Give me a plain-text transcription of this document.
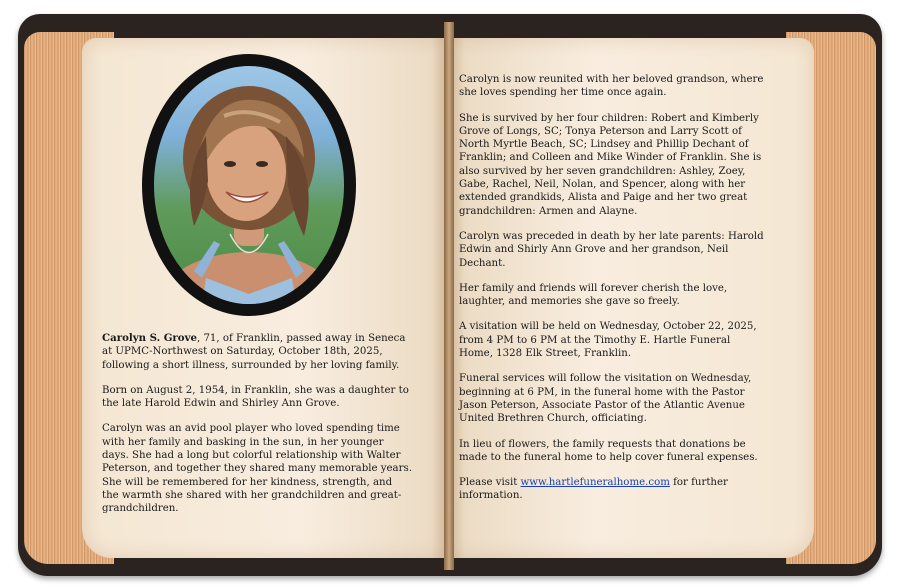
Carolyn S. Grove, 71, of Franklin, passed away in Seneca at UPMC-Northwest on Saturday, October 18th, 2025, following a short illness, surrounded by her loving family.

Born on August 2, 1954, in Franklin, she was a daughter to the late Harold Edwin and Shirley Ann Grove.

Carolyn was an avid pool player who loved spending time with her family and basking in the sun, in her younger days. She had a long but colorful relationship with Walter Peterson, and together they shared many memorable years. She will be remembered for her kindness, strength, and the warmth she shared with her grandchildren and great-grandchildren.

Carolyn is now reunited with her beloved grandson, where she loves spending her time once again.

She is survived by her four children: Robert and Kimberly Grove of Longs, SC; Tonya Peterson and Larry Scott of North Myrtle Beach, SC; Lindsey and Phillip Dechant of Franklin; and Colleen and Mike Winder of Franklin. She is also survived by her seven grandchildren: Ashley, Zoey, Gabe, Rachel, Neil, Nolan, and Spencer, along with her extended grandkids, Alista and Paige and her two great grandchildren: Armen and Alayne.

Carolyn was preceded in death by her late parents: Harold Edwin and Shirly Ann Grove and her grandson, Neil Dechant.

Her family and friends will forever cherish the love, laughter, and memories she gave so freely.

A visitation will be held on Wednesday, October 22, 2025, from 4 PM to 6 PM at the Timothy E. Hartle Funeral Home, 1328 Elk Street, Franklin.

Funeral services will follow the visitation on Wednesday, beginning at 6 PM, in the funeral home with the Pastor Jason Peterson, Associate Pastor of the Atlantic Avenue United Brethren Church, officiating.

In lieu of flowers, the family requests that donations be made to the funeral home to help cover funeral expenses.

Please visit www.hartlefuneralhome.com for further information.
